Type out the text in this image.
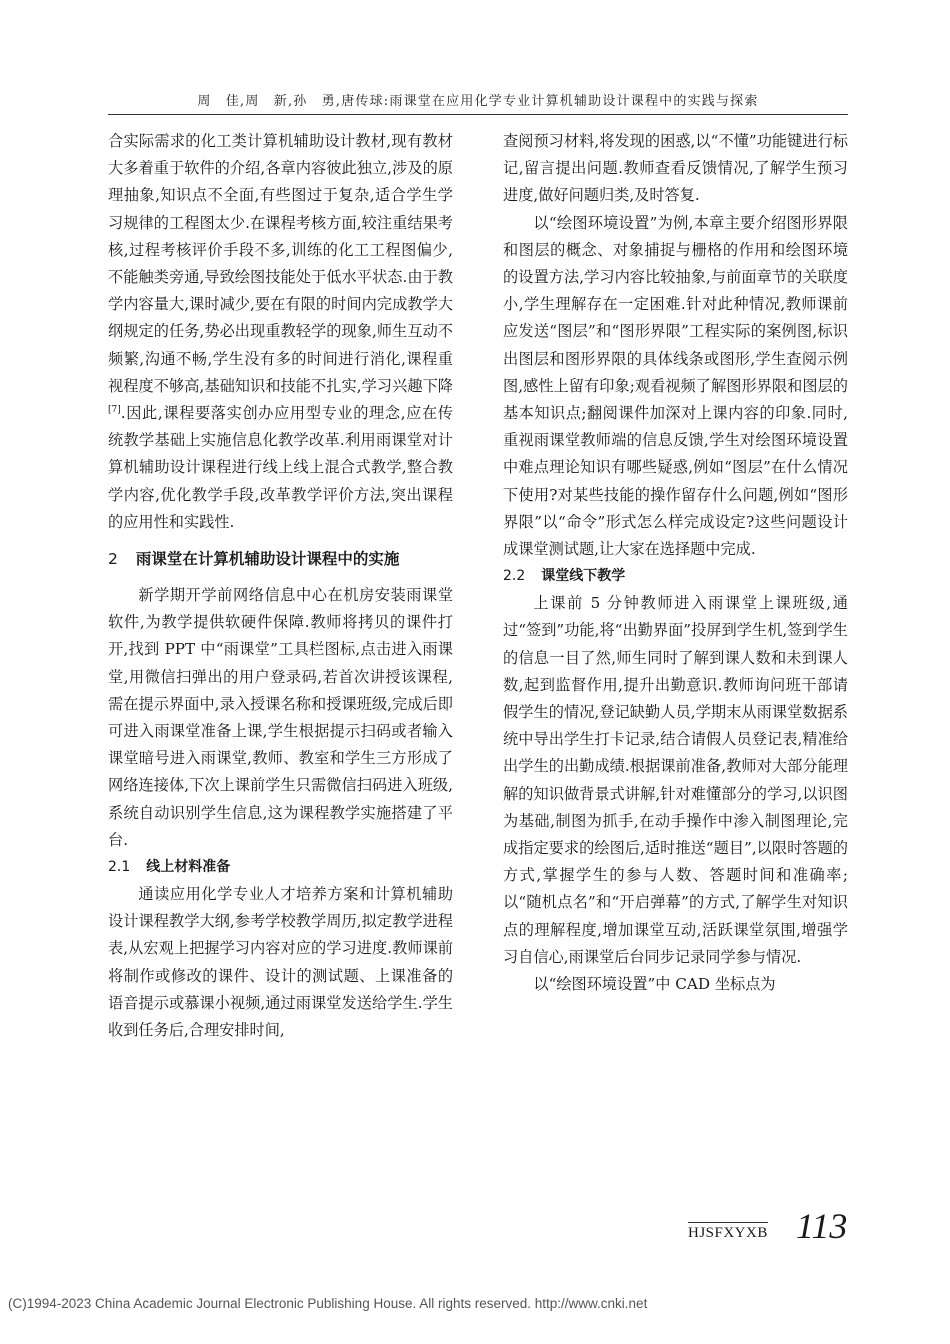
周　佳,周　新,孙　勇,唐传球:雨课堂在应用化学专业计算机辅助设计课程中的实践与探索

合实际需求的化工类计算机辅助设计教材,现有教材大多着重于软件的介绍,各章内容彼此独立,涉及的原理抽象,知识点不全面,有些图过于复杂,适合学生学习规律的工程图太少.在课程考核方面,较注重结果考核,过程考核评价手段不多,训练的化工工程图偏少,不能触类旁通,导致绘图技能处于低水平状态.由于教学内容量大,课时减少,要在有限的时间内完成教学大纲规定的任务,势必出现重教轻学的现象,师生互动不频繁,沟通不畅,学生没有多的时间进行消化,课程重视程度不够高,基础知识和技能不扎实,学习兴趣下降[7].因此,课程要落实创办应用型专业的理念,应在传统教学基础上实施信息化教学改革.利用雨课堂对计算机辅助设计课程进行线上线上混合式教学,整合教学内容,优化教学手段,改革教学评价方法,突出课程的应用性和实践性.

2 雨课堂在计算机辅助设计课程中的实施

新学期开学前网络信息中心在机房安装雨课堂软件,为教学提供软硬件保障.教师将拷贝的课件打开,找到 PPT 中“雨课堂”工具栏图标,点击进入雨课堂,用微信扫弹出的用户登录码,若首次讲授该课程,需在提示界面中,录入授课名称和授课班级,完成后即可进入雨课堂准备上课,学生根据提示扫码或者输入课堂暗号进入雨课堂,教师、教室和学生三方形成了网络连接体,下次上课前学生只需微信扫码进入班级,系统自动识别学生信息,这为课程教学实施搭建了平台.

2.1 线上材料准备

通读应用化学专业人才培养方案和计算机辅助设计课程教学大纲,参考学校教学周历,拟定教学进程表,从宏观上把握学习内容对应的学习进度.教师课前将制作或修改的课件、设计的测试题、上课准备的语音提示或慕课小视频,通过雨课堂发送给学生.学生收到任务后,合理安排时间,

查阅预习材料,将发现的困惑,以“不懂”功能键进行标记,留言提出问题.教师查看反馈情况,了解学生预习进度,做好问题归类,及时答复.

以“绘图环境设置”为例,本章主要介绍图形界限和图层的概念、对象捕捉与栅格的作用和绘图环境的设置方法,学习内容比较抽象,与前面章节的关联度小,学生理解存在一定困难.针对此种情况,教师课前应发送“图层”和“图形界限”工程实际的案例图,标识出图层和图形界限的具体线条或图形,学生查阅示例图,感性上留有印象;观看视频了解图形界限和图层的基本知识点;翻阅课件加深对上课内容的印象.同时,重视雨课堂教师端的信息反馈,学生对绘图环境设置中难点理论知识有哪些疑惑,例如“图层”在什么情况下使用?对某些技能的操作留存什么问题,例如“图形界限”以“命令”形式怎么样完成设定?这些问题设计成课堂测试题,让大家在选择题中完成.

2.2 课堂线下教学

上课前 5 分钟教师进入雨课堂上课班级,通过“签到”功能,将“出勤界面”投屏到学生机,签到学生的信息一目了然,师生同时了解到课人数和未到课人数,起到监督作用,提升出勤意识.教师询问班干部请假学生的情况,登记缺勤人员,学期末从雨课堂数据系统中导出学生打卡记录,结合请假人员登记表,精准给出学生的出勤成绩.根据课前准备,教师对大部分能理解的知识做背景式讲解,针对难懂部分的学习,以识图为基础,制图为抓手,在动手操作中渗入制图理论,完成指定要求的绘图后,适时推送“题目”,以限时答题的方式,掌握学生的参与人数、答题时间和准确率;以“随机点名”和“开启弹幕”的方式,了解学生对知识点的理解程度,增加课堂互动,活跃课堂氛围,增强学习自信心,雨课堂后台同步记录同学参与情况.

以“绘图环境设置”中 CAD 坐标点为

113
HJSFXYXB
(C)1994-2023 China Academic Journal Electronic Publishing House. All rights reserved. http://www.cnki.net
